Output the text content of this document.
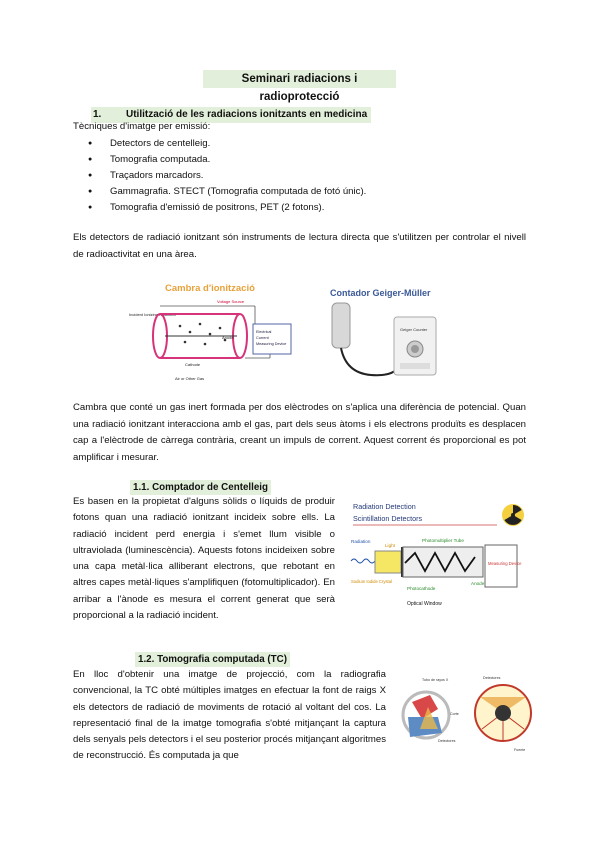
Seminari radiacions i radioprotecció
1. Utilització de les radiacions ionitzants en medicina
Tècniques d'imatge per emissió:
● Detectors de centelleig.
● Tomografia computada.
● Traçadors marcadors.
● Gammagrafia. STECT (Tomografia computada de fotó únic).
● Tomografia d'emissió de positrons, PET (2 fotons).
Els detectors de radiació ionitzant són instruments de lectura directa que s'utilitzen per controlar el nivell de radioactivitat en una àrea.
Cambra d'ionització
Voltage Source
Incident Ionizing Radiation
Anode
Cathode
Electrical
Current
Measuring Device
Air or Other Gas
Contador Geiger-Müller
Geiger Counter
Cambra que conté un gas inert formada per dos elèctrodes on s'aplica una diferència de potencial. Quan una radiació ionitzant interacciona amb el gas, part dels seus àtoms i els electrons produïts es desplacen cap a l'elèctrode de càrrega contrària, creant un impuls de corrent. Aquest corrent és proporcional es pot amplificar i mesurar.
1.1. Comptador de Centelleig
Es basen en la propietat d'alguns sòlids o líquids de produir fotons quan una radiació ionitzant incideix sobre ells. La radiació incident perd energia i s'emet llum visible o ultraviolada (luminescència). Aquests fotons incideixen sobre una capa metàl·lica alliberant electrons, que rebotant en altres capes metàl·liques s'amplifiquen (fotomultiplicador). En arribar a l'ànode es mesura el corrent generat que serà proporcional a la radiació incident.
Radiation Detection
Scintillation Detectors
Radiation
Light
Photomultiplier Tube
Measuring Device
Sodium Iodide Crystal
Photocathode
Anode
Optical Window
1.2. Tomografia computada (TC)
En lloc d'obtenir una imatge de projecció, com la radiografia convencional, la TC obté múltiples imatges en efectuar la font de raigs X els detectors de radiació de moviments de rotació al voltant del cos. La representació final de la imatge tomografia s'obté mitjançant la captura dels senyals pels detectors i el seu posterior procés mitjançant algoritmes de reconstrucció. És computada ja que
Tubo de rayos X
Detectores
Corte
Detectores
Fuente
